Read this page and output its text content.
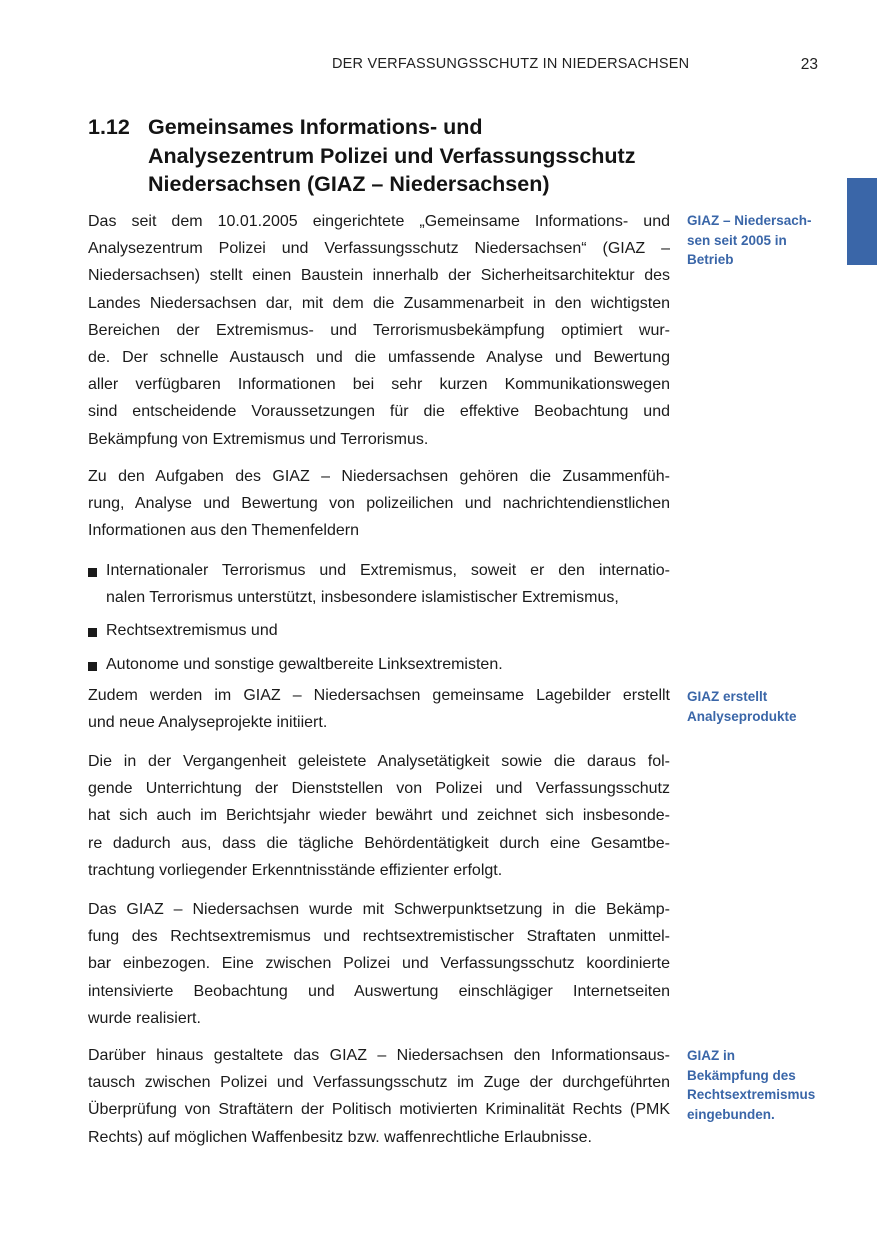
DER VERFASSUNGSSCHUTZ IN NIEDERSACHSEN	23
1.12 Gemeinsames Informations- und
Analysezentrum Polizei und Verfassungsschutz
Niedersachsen (GIAZ – Niedersachsen)
Das seit dem 10.01.2005 eingerichtete „Gemeinsame Informations- und
Analysezentrum Polizei und Verfassungsschutz Niedersachsen“ (GIAZ –
Niedersachsen) stellt einen Baustein innerhalb der Sicherheitsarchitektur des
Landes Niedersachsen dar, mit dem die Zusammenarbeit in den wichtigsten
Bereichen der Extremismus- und Terrorismusbekämpfung optimiert wur-
de. Der schnelle Austausch und die umfassende Analyse und Bewertung
aller verfügbaren Informationen bei sehr kurzen Kommunikationswegen
sind entscheidende Voraussetzungen für die effektive Beobachtung und
Bekämpfung von Extremismus und Terrorismus.
Zu den Aufgaben des GIAZ – Niedersachsen gehören die Zusammenfüh-
rung, Analyse und Bewertung von polizeilichen und nachrichtendienstlichen
Informationen aus den Themenfeldern
Internationaler Terrorismus und Extremismus, soweit er den internatio-
nalen Terrorismus unterstützt, insbesondere islamistischer Extremismus,
Rechtsextremismus und
Autonome und sonstige gewaltbereite Linksextremisten.
Zudem werden im GIAZ – Niedersachsen gemeinsame Lagebilder erstellt
und neue Analyseprojekte initiiert.
Die in der Vergangenheit geleistete Analysetätigkeit sowie die daraus fol-
gende Unterrichtung der Dienststellen von Polizei und Verfassungsschutz
hat sich auch im Berichtsjahr wieder bewährt und zeichnet sich insbesonde-
re dadurch aus, dass die tägliche Behördentätigkeit durch eine Gesamtbe-
trachtung vorliegender Erkenntnisstände effizienter erfolgt.
Das GIAZ – Niedersachsen wurde mit Schwerpunktsetzung in die Bekämp-
fung des Rechtsextremismus und rechtsextremistischer Straftaten unmittel-
bar einbezogen. Eine zwischen Polizei und Verfassungsschutz koordinierte
intensivierte Beobachtung und Auswertung einschlägiger Internetseiten
wurde realisiert.
Darüber hinaus gestaltete das GIAZ – Niedersachsen den Informationsaus-
tausch zwischen Polizei und Verfassungsschutz im Zuge der durchgeführten
Überprüfung von Straftätern der Politisch motivierten Kriminalität Rechts (PMK
Rechts) auf möglichen Waffenbesitz bzw. waffenrechtliche Erlaubnisse.
GIAZ – Niedersach-
sen seit 2005 in
Betrieb
GIAZ erstellt
Analyseprodukte
GIAZ in
Bekämpfung des
Rechtsextremismus
eingebunden.
